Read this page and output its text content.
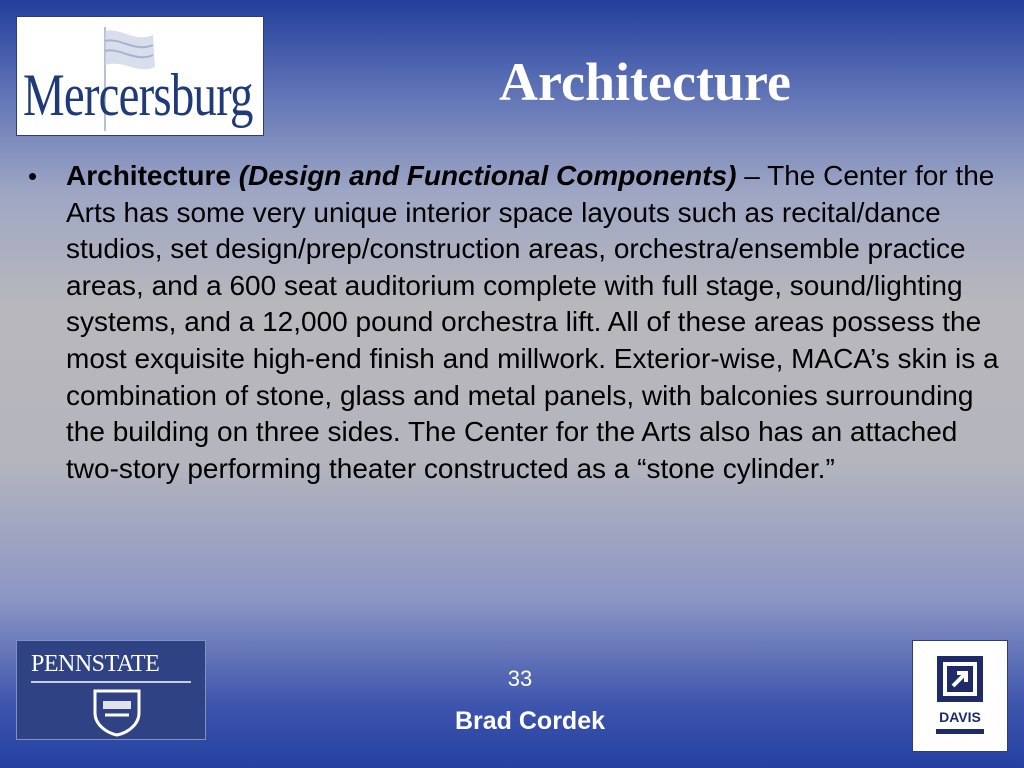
Mercersburg	Architecture
• Architecture (Design and Functional Components) – The Center for the Arts has some very unique interior space layouts such as recital/dance studios, set design/prep/construction areas, orchestra/ensemble practice areas, and a 600 seat auditorium complete with full stage, sound/lighting systems, and a 12,000 pound orchestra lift. All of these areas possess the most exquisite high-end finish and millwork. Exterior-wise, MACA’s skin is a combination of stone, glass and metal panels, with balconies surrounding the building on three sides. The Center for the Arts also has an attached two-story performing theater constructed as a “stone cylinder.”
PENNSTATE
33
Brad Cordek	DAVIS
